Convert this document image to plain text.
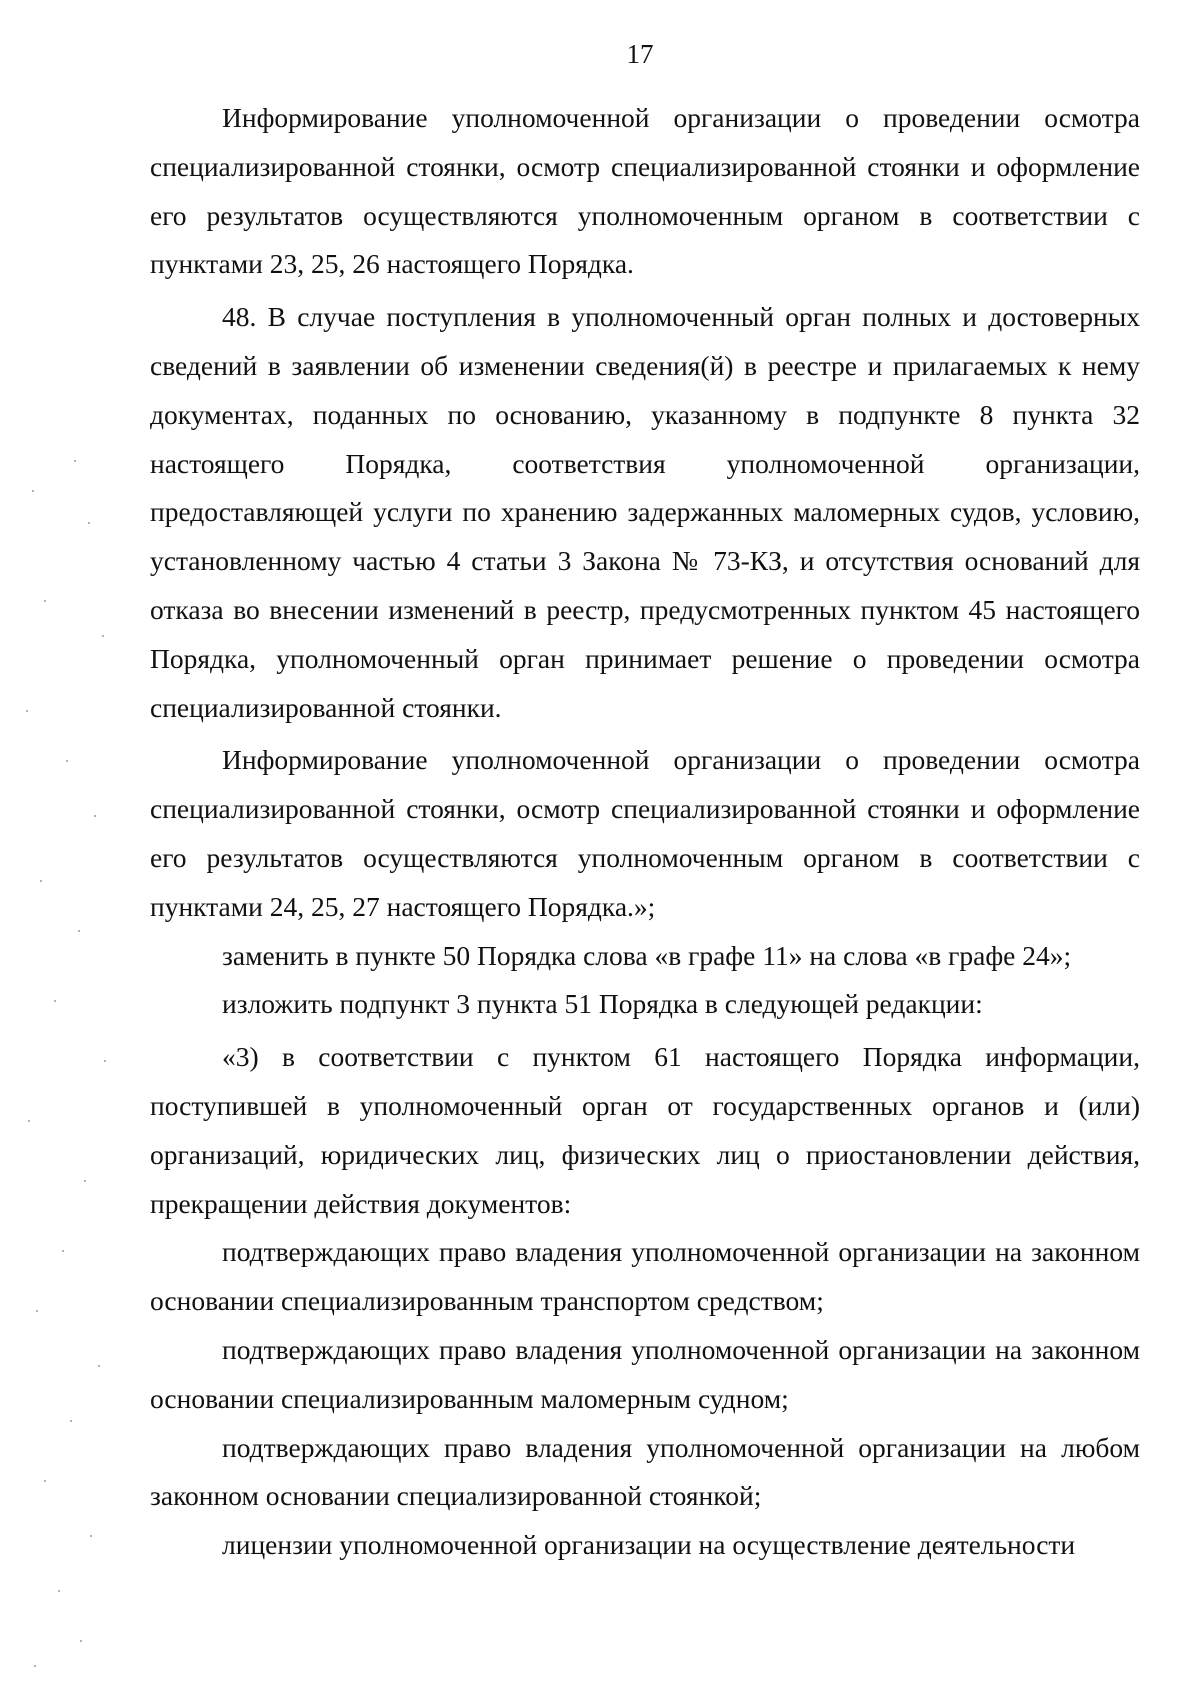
17

Информирование уполномоченной организации о проведении осмотра специализированной стоянки, осмотр специализированной стоянки и оформление его результатов осуществляются уполномоченным органом в соответствии с пунктами 23, 25, 26 настоящего Порядка.

48. В случае поступления в уполномоченный орган полных и достоверных сведений в заявлении об изменении сведения(й) в реестре и прилагаемых к нему документах, поданных по основанию, указанному в подпункте 8 пункта 32 настоящего Порядка, соответствия уполномоченной организации, предоставляющей услуги по хранению задержанных маломерных судов, условию, установленному частью 4 статьи 3 Закона № 73-КЗ, и отсутствия оснований для отказа во внесении изменений в реестр, предусмотренных пунктом 45 настоящего Порядка, уполномоченный орган принимает решение о проведении осмотра специализированной стоянки.

Информирование уполномоченной организации о проведении осмотра специализированной стоянки, осмотр специализированной стоянки и оформление его результатов осуществляются уполномоченным органом в соответствии с пунктами 24, 25, 27 настоящего Порядка.»;

заменить в пункте 50 Порядка слова «в графе 11» на слова «в графе 24»;

изложить подпункт 3 пункта 51 Порядка в следующей редакции:

«3) в соответствии с пунктом 61 настоящего Порядка информации, поступившей в уполномоченный орган от государственных органов и (или) организаций, юридических лиц, физических лиц о приостановлении действия, прекращении действия документов:

подтверждающих право владения уполномоченной организации на законном основании специализированным транспортом средством;

подтверждающих право владения уполномоченной организации на законном основании специализированным маломерным судном;

подтверждающих право владения уполномоченной организации на любом законном основании специализированной стоянкой;

лицензии уполномоченной организации на осуществление деятельности
